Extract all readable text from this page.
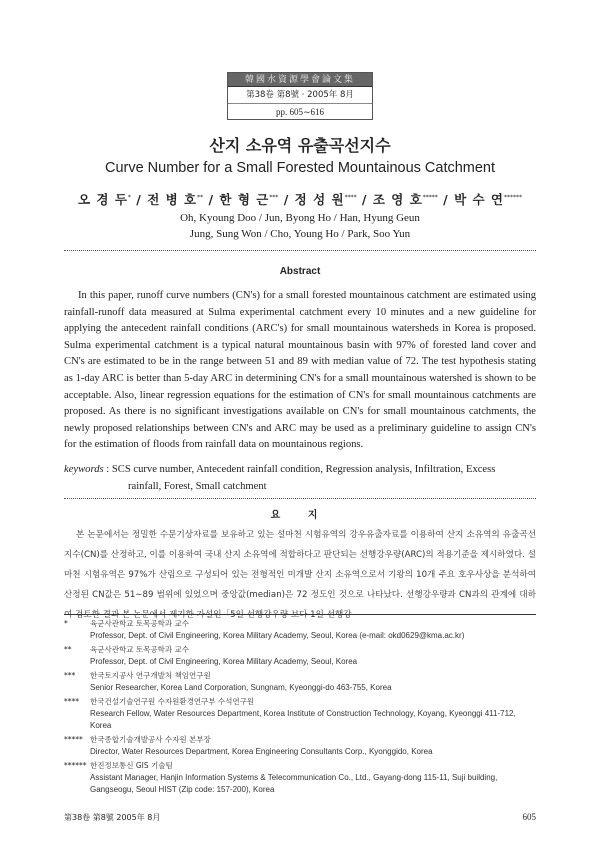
韓國水資源學會論文集
第38卷 第8號 · 2005年 8月
pp. 605∼616
산지 소유역 유출곡선지수
Curve Number for a Small Forested Mountainous Catchment
오 경 두* / 전 병 호** / 한 형 근*** / 정 성 원**** / 조 영 호***** / 박 수 연******
Oh, Kyoung Doo / Jun, Byong Ho / Han, Hyung Geun
Jung, Sung Won / Cho, Young Ho / Park, Soo Yun
Abstract

In this paper, runoff curve numbers (CN's) for a small forested mountainous catchment are estimated using rainfall-runoff data measured at Sulma experimental catchment every 10 minutes and a new guideline for applying the antecedent rainfall conditions (ARC's) for small mountainous watersheds in Korea is proposed. Sulma experimental catchment is a typical natural mountainous basin with 97% of forested land cover and CN's are estimated to be in the range between 51 and 89 with median value of 72. The test hypothesis stating as 1-day ARC is better than 5-day ARC in determining CN's for a small mountainous watershed is shown to be acceptable. Also, linear regression equations for the estimation of CN's for small mountainous catchments are proposed. As there is no significant investigations available on CN's for small mountainous catchments, the newly proposed relationships between CN's and ARC may be used as a preliminary guideline to assign CN's for the estimation of floods from rainfall data on mountainous regions.

keywords : SCS curve number, Antecedent rainfall condition, Regression analysis, Infiltration, Excess
rainfall, Forest, Small catchment
요 지

본 논문에서는 정밀한 수문기상자료를 보유하고 있는 설마천 시험유역의 강우유출자료를 이용하여 산지 소유역의 유출곡선지수(CN)를 산정하고, 이를 이용하여 국내 산지 소유역에 적합하다고 판단되는 선행강우량(ARC)의 적용기준을 제시하였다. 설마천 시험유역은 97%가 산림으로 구성되어 있는 전형적인 미개발 산지 소유역으로서 기왕의 10개 주요 호우사상을 분석하여 산정된 CN값은 51∼89 범위에 있었으며 중앙값(median)은 72 정도인 것으로 나타났다. 선행강우량과 CN과의 관계에 대하여 검토한 결과 본 논문에서 제기한 가설인「5일 선행강우량 보다 1일 선행강

*	육군사관학교 토목공학과 교수
Professor, Dept. of Civil Engineering, Korea Military Academy, Seoul, Korea (e-mail: okd0629@kma.ac.kr)
** 육군사관학교 토목공학과 교수
Professor, Dept. of Civil Engineering, Korea Military Academy, Seoul, Korea
*** 한국토지공사 연구개발처 책임연구원
Senior Researcher, Korea Land Corporation, Sungnam, Kyeonggi-do 463-755, Korea
**** 한국건설기술연구원 수자원환경연구부 수석연구원
Research Fellow, Water Resources Department, Korea Institute of Construction Technology, Koyang, Kyeonggi 411-712, Korea
***** 한국종합기술개발공사 수자원 본부장
Director, Water Resources Department, Korea Engineering Consultants Corp., Kyonggido, Korea
****** 한진정보통신 GIS 기술팀
Assistant Manager, Hanjin Information Systems & Telecommunication Co., Ltd., Gayang-dong 115-11, Suji building, Gangseogu, Seoul HIST (Zip code: 157-200), Korea
第38卷 第8號 2005年 8月	605
